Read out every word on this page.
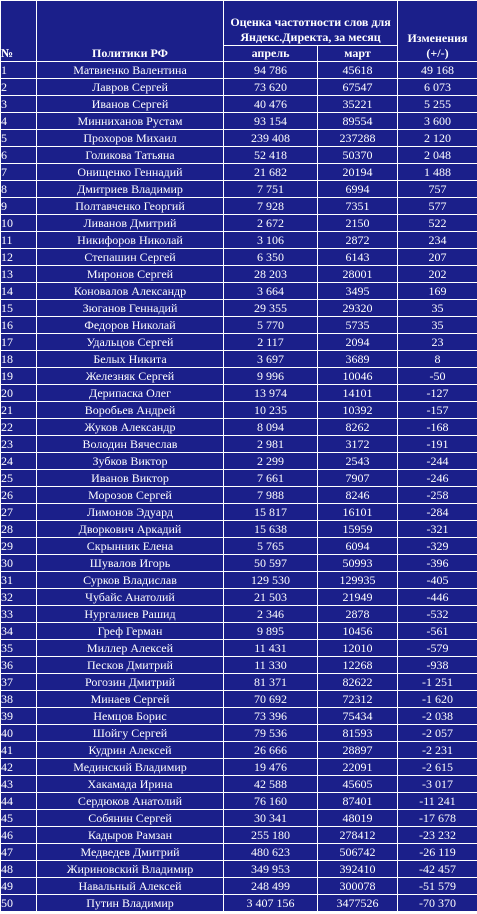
№	Политики РФ	Оценка частотности слов для Яндекс.Директа, за месяц		Изменения (+/-)
		апрель	март	
1	Матвиенко Валентина	94 786	45618	49 168
2	Лавров Сергей	73 620	67547	6 073
3	Иванов Сергей	40 476	35221	5 255
4	Минниханов Рустам	93 154	89554	3 600
5	Прохоров Михаил	239 408	237288	2 120
6	Голикова Татьяна	52 418	50370	2 048
7	Онищенко Геннадий	21 682	20194	1 488
8	Дмитриев Владимир	7 751	6994	757
9	Полтавченко Георгий	7 928	7351	577
10	Ливанов Дмитрий	2 672	2150	522
11	Никифоров Николай	3 106	2872	234
12	Степашин Сергей	6 350	6143	207
13	Миронов Сергей	28 203	28001	202
14	Коновалов Александр	3 664	3495	169
15	Зюганов Геннадий	29 355	29320	35
16	Федоров Николай	5 770	5735	35
17	Удальцов Сергей	2 117	2094	23
18	Белых Никита	3 697	3689	8
19	Железняк Сергей	9 996	10046	-50
20	Дерипаска Олег	13 974	14101	-127
21	Воробьев Андрей	10 235	10392	-157
22	Жуков Александр	8 094	8262	-168
23	Володин Вячеслав	2 981	3172	-191
24	Зубков Виктор	2 299	2543	-244
25	Иванов Виктор	7 661	7907	-246
26	Морозов Сергей	7 988	8246	-258
27	Лимонов Эдуард	15 817	16101	-284
28	Дворкович Аркадий	15 638	15959	-321
29	Скрынник Елена	5 765	6094	-329
30	Шувалов Игорь	50 597	50993	-396
31	Сурков Владислав	129 530	129935	-405
32	Чубайс Анатолий	21 503	21949	-446
33	Нургалиев Рашид	2 346	2878	-532
34	Греф Герман	9 895	10456	-561
35	Миллер Алексей	11 431	12010	-579
36	Песков Дмитрий	11 330	12268	-938
37	Рогозин Дмитрий	81 371	82622	-1 251
38	Минаев Сергей	70 692	72312	-1 620
39	Немцов Борис	73 396	75434	-2 038
40	Шойгу Сергей	79 536	81593	-2 057
41	Кудрин Алексей	26 666	28897	-2 231
42	Мединский Владимир	19 476	22091	-2 615
43	Хакамада Ирина	42 588	45605	-3 017
44	Сердюков Анатолий	76 160	87401	-11 241
45	Собянин Сергей	30 341	48019	-17 678
46	Кадыров Рамзан	255 180	278412	-23 232
47	Медведев Дмитрий	480 623	506742	-26 119
48	Жириновский Владимир	349 953	392410	-42 457
49	Навальный Алексей	248 499	300078	-51 579
50	Путин Владимир	3 407 156	3477526	-70 370
